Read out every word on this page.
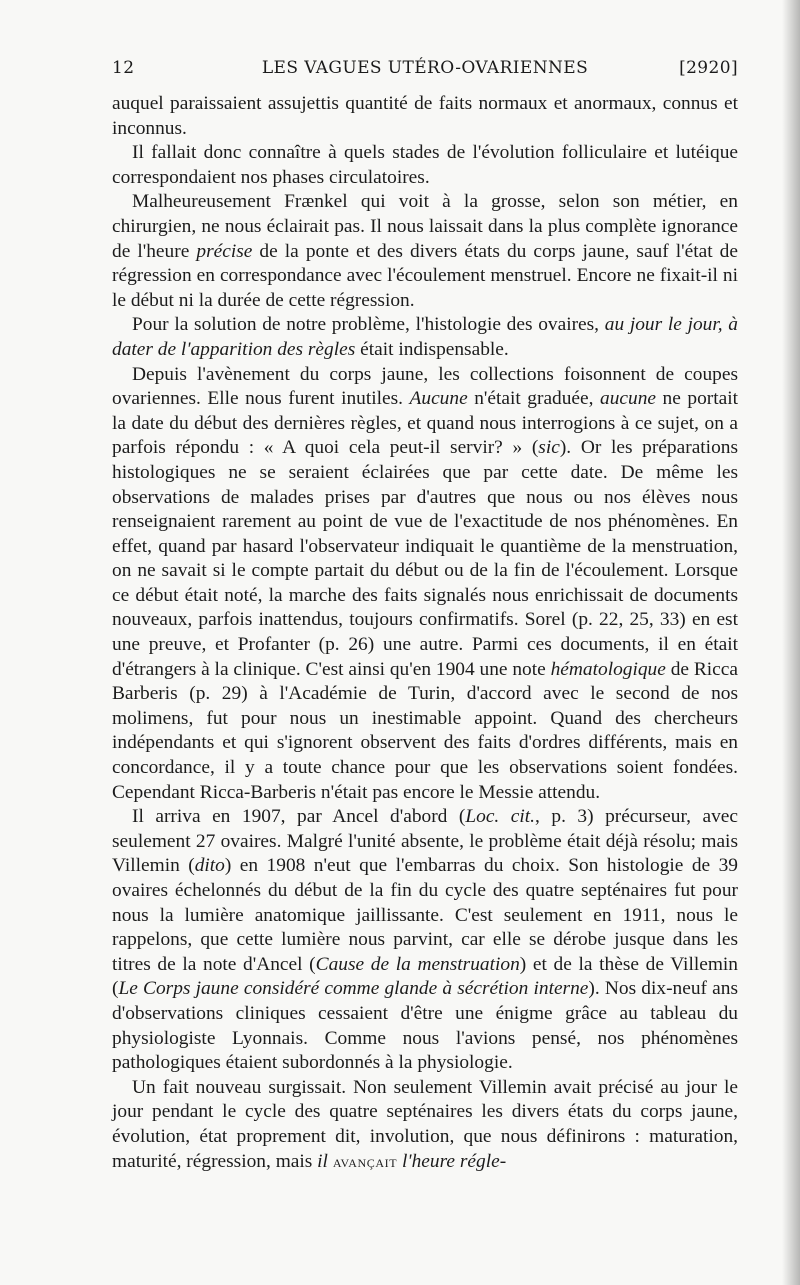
12	LES VAGUES UTÉRO-OVARIENNES	[2920]

auquel paraissaient assujettis quantité de faits normaux et anormaux, connus et inconnus.

Il fallait donc connaître à quels stades de l'évolution folliculaire et lutéique correspondaient nos phases circulatoires.

Malheureusement Frænkel qui voit à la grosse, selon son métier, en chirurgien, ne nous éclairait pas. Il nous laissait dans la plus complète ignorance de l'heure précise de la ponte et des divers états du corps jaune, sauf l'état de régression en correspondance avec l'écoulement menstruel. Encore ne fixait-il ni le début ni la durée de cette régression.

Pour la solution de notre problème, l'histologie des ovaires, au jour le jour, à dater de l'apparition des règles était indispensable.

Depuis l'avènement du corps jaune, les collections foisonnent de coupes ovariennes. Elle nous furent inutiles. Aucune n'était graduée, aucune ne portait la date du début des dernières règles, et quand nous interrogions à ce sujet, on a parfois répondu : « A quoi cela peut-il servir? » (sic). Or les préparations histologiques ne se seraient éclairées que par cette date. De même les observations de malades prises par d'autres que nous ou nos élèves nous renseignaient rarement au point de vue de l'exactitude de nos phénomènes. En effet, quand par hasard l'observateur indiquait le quantième de la menstruation, on ne savait si le compte partait du début ou de la fin de l'écoulement. Lorsque ce début était noté, la marche des faits signalés nous enrichissait de documents nouveaux, parfois inattendus, toujours confirmatifs. Sorel (p. 22, 25, 33) en est une preuve, et Profanter (p. 26) une autre. Parmi ces documents, il en était d'étrangers à la clinique. C'est ainsi qu'en 1904 une note hématologique de Ricca Barberis (p. 29) à l'Académie de Turin, d'accord avec le second de nos molimens, fut pour nous un inestimable appoint. Quand des chercheurs indépendants et qui s'ignorent observent des faits d'ordres différents, mais en concordance, il y a toute chance pour que les observations soient fondées. Cependant Ricca-Barberis n'était pas encore le Messie attendu.

Il arriva en 1907, par Ancel d'abord (Loc. cit., p. 3) précurseur, avec seulement 27 ovaires. Malgré l'unité absente, le problème était déjà résolu; mais Villemin (dito) en 1908 n'eut que l'embarras du choix. Son histologie de 39 ovaires échelonnés du début de la fin du cycle des quatre septénaires fut pour nous la lumière anatomique jaillissante. C'est seulement en 1911, nous le rappelons, que cette lumière nous parvint, car elle se dérobe jusque dans les titres de la note d'Ancel (Cause de la menstruation) et de la thèse de Villemin (Le Corps jaune considéré comme glande à sécrétion interne). Nos dix-neuf ans d'observations cliniques cessaient d'être une énigme grâce au tableau du physiologiste Lyonnais. Comme nous l'avions pensé, nos phénomènes pathologiques étaient subordonnés à la physiologie.

Un fait nouveau surgissait. Non seulement Villemin avait précisé au jour le jour pendant le cycle des quatre septénaires les divers états du corps jaune, évolution, état proprement dit, involution, que nous définirons : maturation, maturité, régression, mais il avançait l'heure régle-
